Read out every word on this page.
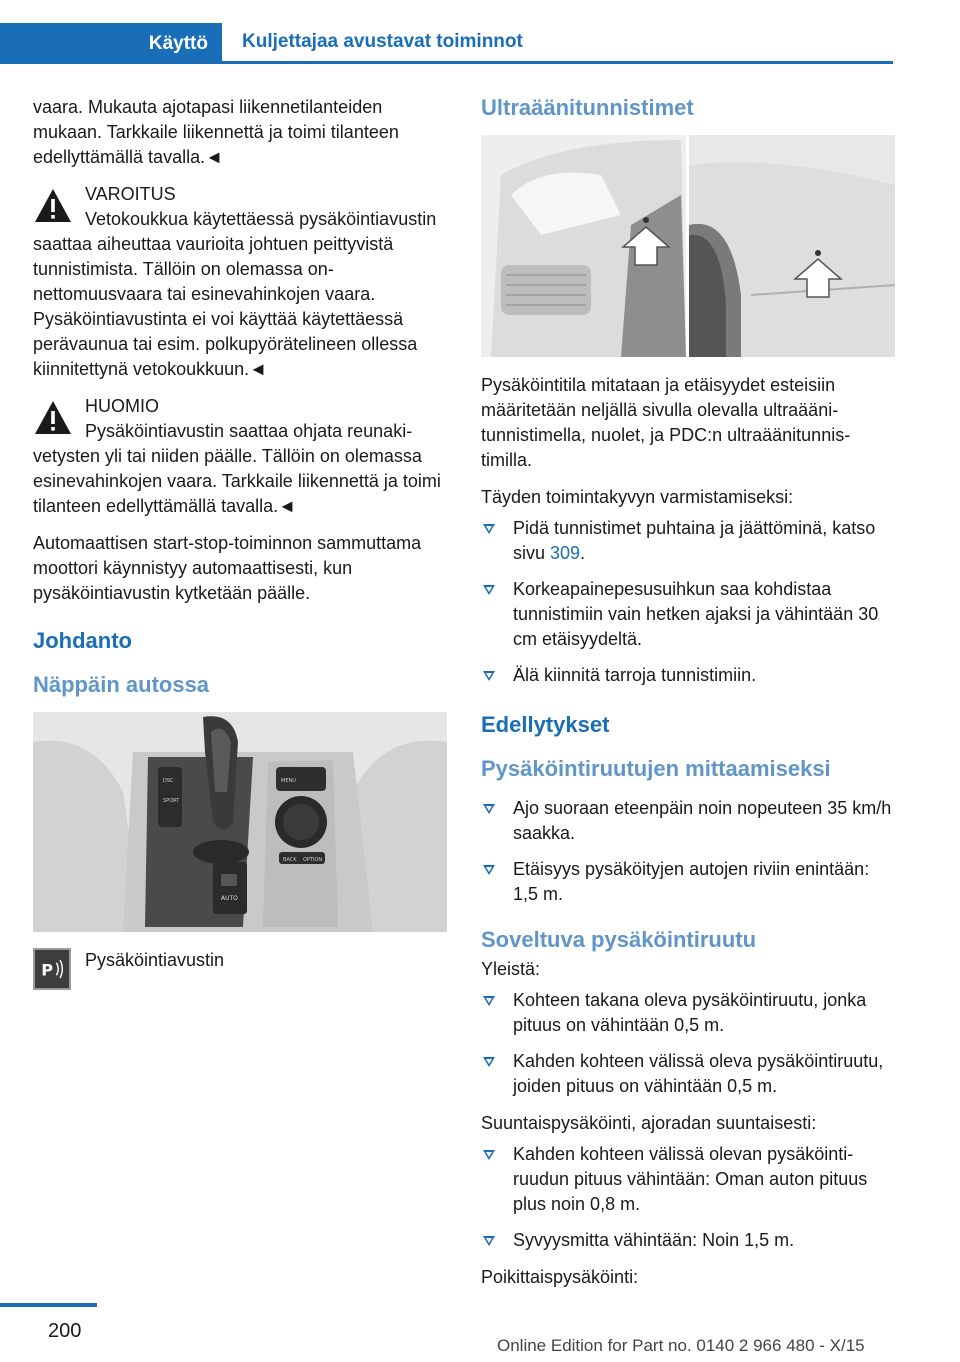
Käyttö	Kuljettajaa avustavat toiminnot

vaara. Mukauta ajotapasi liikennetilanteiden mukaan. Tarkkaile liikennettä ja toimi tilanteen edellyttämällä tavalla.◄

VAROITUS
Vetokoukkua käytettäessä pysäköintiavustin saattaa aiheuttaa vaurioita johtuen peittyvistä tunnistimista. Tällöin on olemassa onnettomuusvaara tai esinevahinkojen vaara. Pysäköintiavustinta ei voi käyttää käytettäessä perävaunua tai esim. polkupyörätelineen ollessa kiinnitettynä vetokoukkuun.◄
HUOMIO
Pysäköintiavustin saattaa ohjata reunakivetysten yli tai niiden päälle. Tällöin on olemassa esinevahinkojen vaara. Tarkkaile liikennettä ja toimi tilanteen edellyttämällä tavalla.◄

Automaattisen start-stop-toiminnon sammuttama moottori käynnistyy automaattisesti, kun pysäköintiavustin kytketään päälle.

Johdanto
Näppäin autossa
DSC
SPORT
AUTO
MENU
BACK OPTION
P Pysäköintiavustin
Ultraäänitunnistimet

Pysäköintitila mitataan ja etäisyydet esteisiin määritetään neljällä sivulla olevalla ultraäänitunnistimella, nuolet, ja PDC:n ultraäänitunnistimilla.

Täyden toimintakyvyn varmistamiseksi:

Pidä tunnistimet puhtaina ja jäättöminä, katso sivu 309.
Korkeapainepesusuihkun saa kohdistaa tunnistimiin vain hetken ajaksi ja vähintään 30 cm etäisyydeltä.
Älä kiinnitä tarroja tunnistimiin.
Edellytykset
Pysäköintiruutujen mittaamiseksi
Ajo suoraan eteenpäin noin nopeuteen 35 km/h saakka.
Etäisyys pysäköityjen autojen riviin enintään: 1,5 m.
Soveltuva pysäköintiruutu

Yleistä:

Kohteen takana oleva pysäköintiruutu, jonka pituus on vähintään 0,5 m.
Kahden kohteen välissä oleva pysäköintiruutu, joiden pituus on vähintään 0,5 m.

Suuntaispysäköinti, ajoradan suuntaisesti:

Kahden kohteen välissä olevan pysäköintiruudun pituus vähintään: Oman auton pituus plus noin 0,8 m.
Syvyysmitta vähintään: Noin 1,5 m.

Poikittaispysäköinti:

200
Online Edition for Part no. 0140 2 966 480 - X/15
